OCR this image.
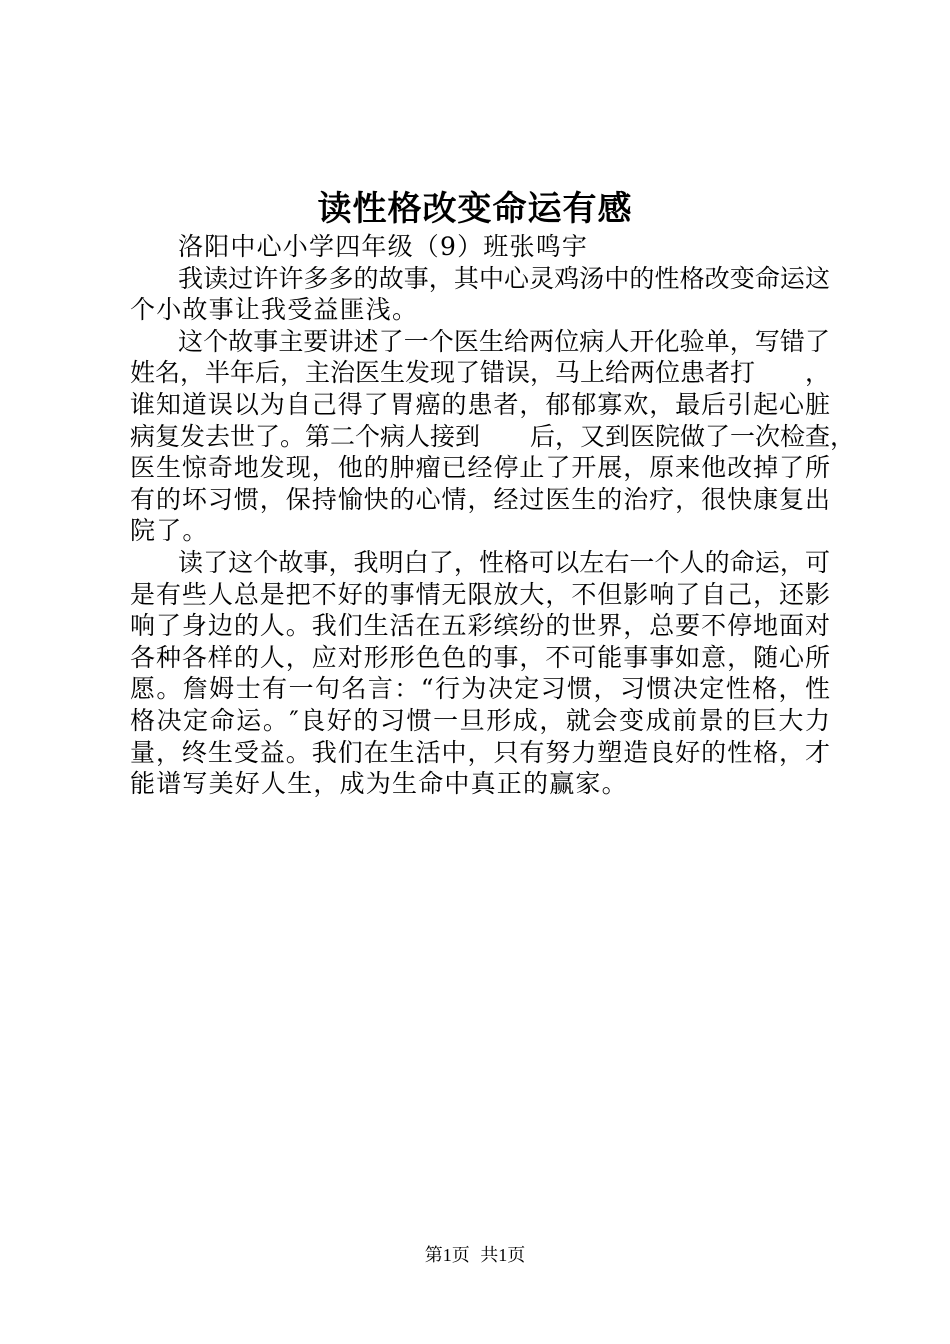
读性格改变命运有感
洛阳中心小学四年级（9）班张鸣宇
我读过许许多多的故事，其中心灵鸡汤中的性格改变命运这
个小故事让我受益匪浅。
这个故事主要讲述了一个医生给两位病人开化验单，写错了
姓名，半年后，主治医生发现了错误，马上给两位患者打　　，
谁知道误以为自己得了胃癌的患者，郁郁寡欢，最后引起心脏
病复发去世了。第二个病人接到　　后，又到医院做了一次检查，
医生惊奇地发现，他的肿瘤已经停止了开展，原来他改掉了所
有的坏习惯，保持愉快的心情，经过医生的治疗，很快康复出
院了。
读了这个故事，我明白了，性格可以左右一个人的命运，可
是有些人总是把不好的事情无限放大，不但影响了自己，还影
响了身边的人。我们生活在五彩缤纷的世界，总要不停地面对
各种各样的人，应对形形色色的事，不可能事事如意，随心所
愿。詹姆士有一句名言：“行为决定习惯，习惯决定性格，性
格决定命运。″良好的习惯一旦形成，就会变成前景的巨大力
量，终生受益。我们在生活中，只有努力塑造良好的性格，才
能谱写美好人生，成为生命中真正的赢家。
第1页 共1页
